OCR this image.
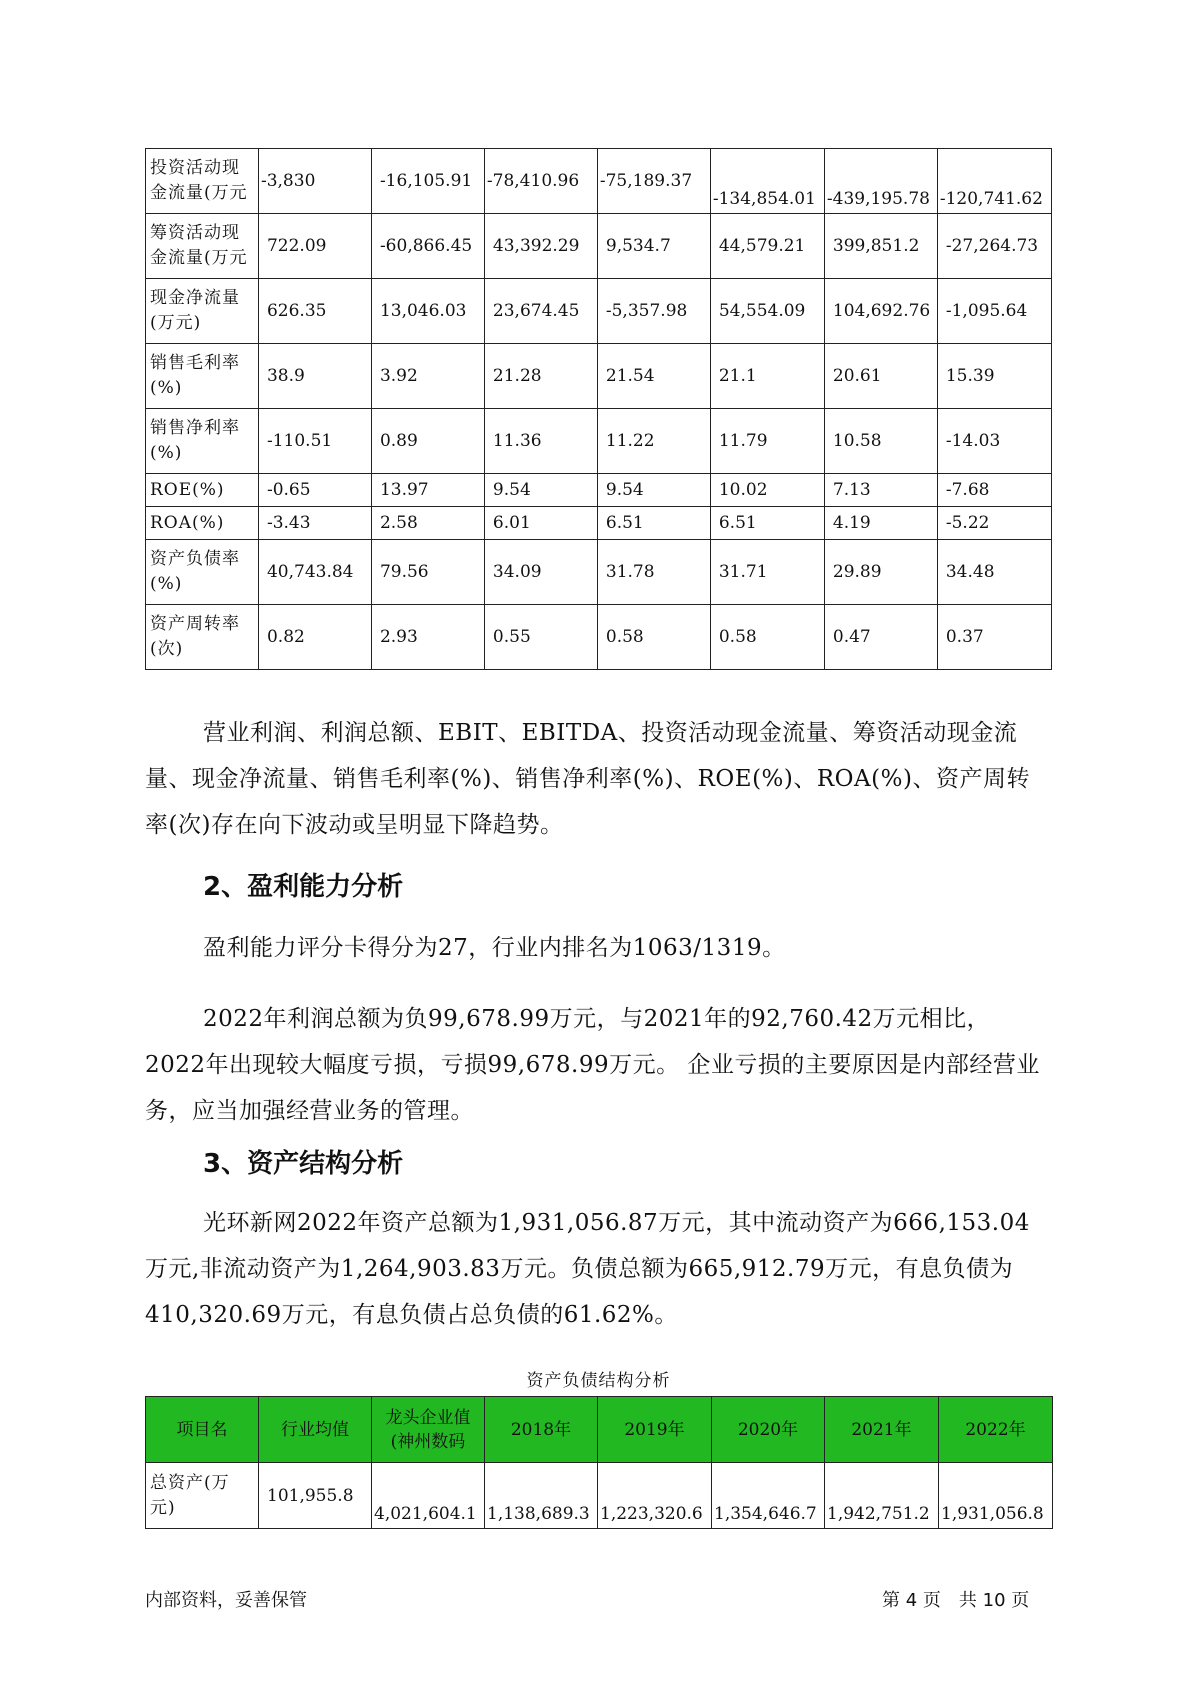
投资活动现金流量(万元	-3,830	-16,105.91	-78,410.96	-75,189.37	-134,854.01	-439,195.78	-120,741.62
筹资活动现金流量(万元	722.09	-60,866.45	43,392.29	9,534.7	44,579.21	399,851.2	-27,264.73
现金净流量(万元)	626.35	13,046.03	23,674.45	-5,357.98	54,554.09	104,692.76	-1,095.64
销售毛利率(%)	38.9	3.92	21.28	21.54	21.1	20.61	15.39
销售净利率(%)	-110.51	0.89	11.36	11.22	11.79	10.58	-14.03
ROE(%)	-0.65	13.97	9.54	9.54	10.02	7.13	-7.68
ROA(%)	-3.43	2.58	6.01	6.51	6.51	4.19	-5.22
资产负债率(%)	40,743.84	79.56	34.09	31.78	31.71	29.89	34.48
资产周转率(次)	0.82	2.93	0.55	0.58	0.58	0.47	0.37

营业利润、利润总额、EBIT、EBITDA、投资活动现金流量、筹资活动现金流量、现金净流量、销售毛利率(%)、销售净利率(%)、ROE(%)、ROA(%)、资产周转率(次)存在向下波动或呈明显下降趋势。

2、盈利能力分析

盈利能力评分卡得分为27，行业内排名为1063/1319。

2022年利润总额为负99,678.99万元，与2021年的92,760.42万元相比，2022年出现较大幅度亏损，亏损99,678.99万元。 企业亏损的主要原因是内部经营业务，应当加强经营业务的管理。

3、资产结构分析

光环新网2022年资产总额为1,931,056.87万元，其中流动资产为666,153.04万元,非流动资产为1,264,903.83万元。负债总额为665,912.79万元，有息负债为410,320.69万元，有息负债占总负债的61.62%。

资产负债结构分析
项目名	行业均值	龙头企业值(神州数码	2018年	2019年	2020年	2021年	2022年
总资产(万元)	101,955.8	4,021,604.1	1,138,689.3	1,223,320.6	1,354,646.7	1,942,751.2	1,931,056.8
内部资料，妥善保管	第 4 页　共 10 页
